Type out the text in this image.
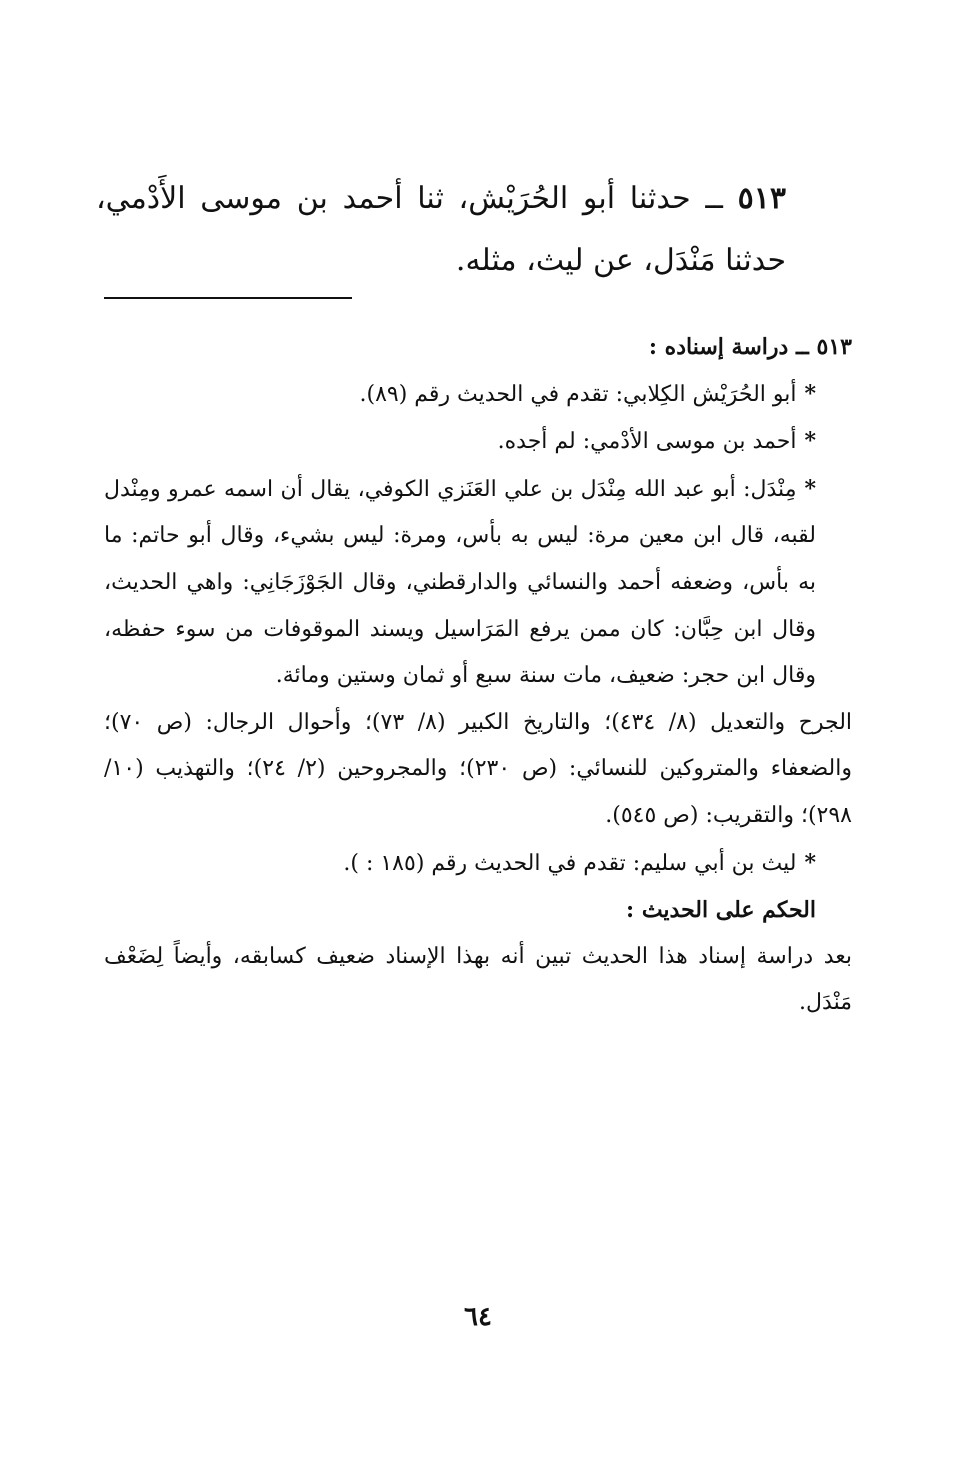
٥١٣ ــ حدثنا أبو الحُرَيْش، ثنا أحمد بن موسى الأَدْمي، حدثنا مَنْدَل، عن ليث، مثله.
٥١٣ ــ دراسة إسناده :
*أبو الحُرَيْش الكِلابي: تقدم في الحديث رقم (٨٩).
*أحمد بن موسى الأدْمي: لم أجده.
*مِنْدَل: أبو عبد الله مِنْدَل بن علي العَنَزي الكوفي، يقال أن اسمه عمرو ومِنْدل لقبه، قال ابن معين مرة: ليس به بأس، ومرة: ليس بشيء، وقال أبو حاتم: ما به بأس، وضعفه أحمد والنسائي والدارقطني، وقال الجَوْزَجَانِي: واهي الحديث، وقال ابن حِبَّان: كان ممن يرفع المَرَاسيل ويسند الموقوفات من سوء حفظه، وقال ابن حجر: ضعيف، مات سنة سبع أو ثمان وستين ومائة.
الجرح والتعديل (٨/ ٤٣٤)؛ والتاريخ الكبير (٨/ ٧٣)؛ وأحوال الرجال: (ص ٧٠)؛ والضعفاء والمتروكين للنسائي: (ص ٢٣٠)؛ والمجروحين (٢/ ٢٤)؛ والتهذيب (١٠/ ٢٩٨)؛ والتقريب: (ص ٥٤٥).
*ليث بن أبي سليم: تقدم في الحديث رقم (١٨٥ : ).
الحكم على الحديث :
بعد دراسة إسناد هذا الحديث تبين أنه بهذا الإسناد ضعيف كسابقه، وأيضاً لِضَعْف مَنْدَل.
٦٤
